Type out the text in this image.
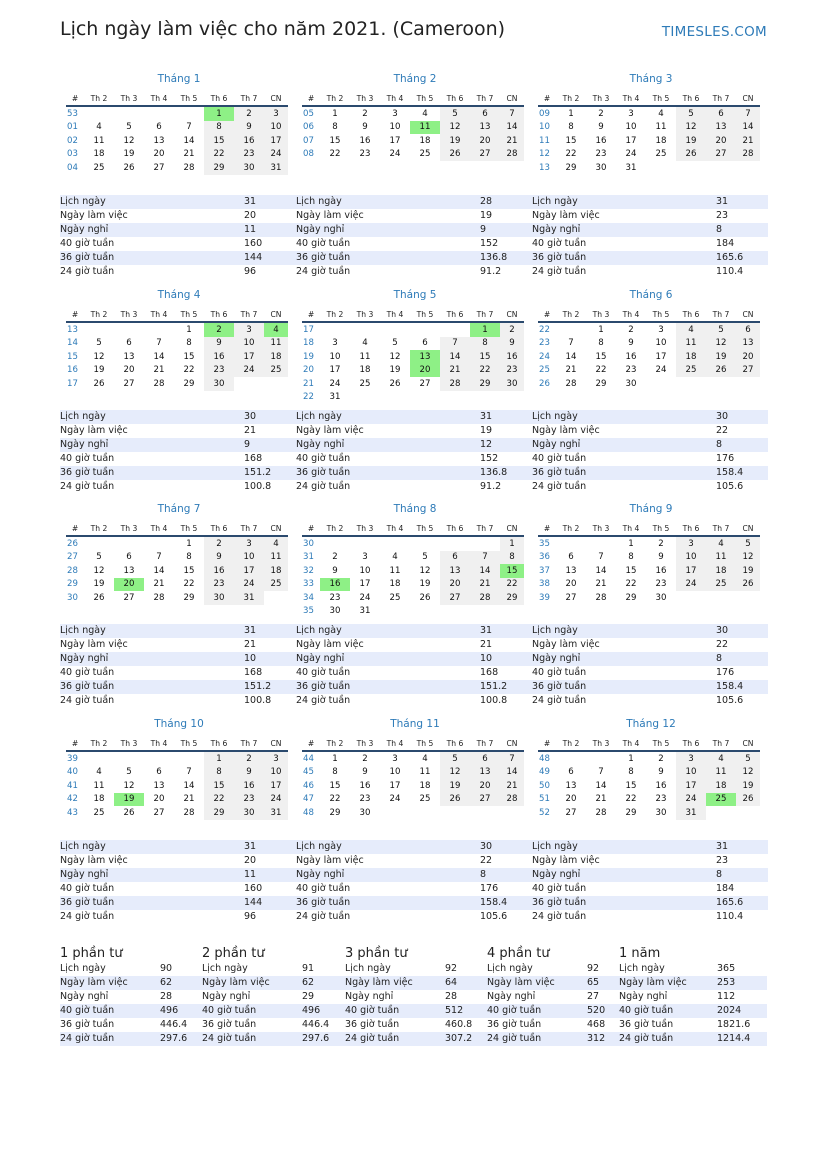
Lịch ngày làm việc cho năm 2021. (Cameroon)	TIMESLES.COM
Tháng 1
#	Th 2	Th 3	Th 4	Th 5	Th 6	Th 7	CN
53					1	2	3
01	4	5	6	7	8	9	10
02	11	12	13	14	15	16	17
03	18	19	20	21	22	23	24
04	25	26	27	28	29	30	31
Lịch ngày	31
Ngày làm việc	20
Ngày nghỉ	11
40 giờ tuần	160
36 giờ tuần	144
24 giờ tuần	96
Tháng 2
#	Th 2	Th 3	Th 4	Th 5	Th 6	Th 7	CN
05	1	2	3	4	5	6	7
06	8	9	10	11	12	13	14
07	15	16	17	18	19	20	21
08	22	23	24	25	26	27	28
Lịch ngày	28
Ngày làm việc	19
Ngày nghỉ	9
40 giờ tuần	152
36 giờ tuần	136.8
24 giờ tuần	91.2
Tháng 3
#	Th 2	Th 3	Th 4	Th 5	Th 6	Th 7	CN
09	1	2	3	4	5	6	7
10	8	9	10	11	12	13	14
11	15	16	17	18	19	20	21
12	22	23	24	25	26	27	28
13	29	30	31				
Lịch ngày	31
Ngày làm việc	23
Ngày nghỉ	8
40 giờ tuần	184
36 giờ tuần	165.6
24 giờ tuần	110.4
Tháng 4
#	Th 2	Th 3	Th 4	Th 5	Th 6	Th 7	CN
13				1	2	3	4
14	5	6	7	8	9	10	11
15	12	13	14	15	16	17	18
16	19	20	21	22	23	24	25
17	26	27	28	29	30		
Lịch ngày	30
Ngày làm việc	21
Ngày nghỉ	9
40 giờ tuần	168
36 giờ tuần	151.2
24 giờ tuần	100.8
Tháng 5
#	Th 2	Th 3	Th 4	Th 5	Th 6	Th 7	CN
17						1	2
18	3	4	5	6	7	8	9
19	10	11	12	13	14	15	16
20	17	18	19	20	21	22	23
21	24	25	26	27	28	29	30
22	31						
Lịch ngày	31
Ngày làm việc	19
Ngày nghỉ	12
40 giờ tuần	152
36 giờ tuần	136.8
24 giờ tuần	91.2
Tháng 6
#	Th 2	Th 3	Th 4	Th 5	Th 6	Th 7	CN
22		1	2	3	4	5	6
23	7	8	9	10	11	12	13
24	14	15	16	17	18	19	20
25	21	22	23	24	25	26	27
26	28	29	30				
Lịch ngày	30
Ngày làm việc	22
Ngày nghỉ	8
40 giờ tuần	176
36 giờ tuần	158.4
24 giờ tuần	105.6
Tháng 7
#	Th 2	Th 3	Th 4	Th 5	Th 6	Th 7	CN
26				1	2	3	4
27	5	6	7	8	9	10	11
28	12	13	14	15	16	17	18
29	19	20	21	22	23	24	25
30	26	27	28	29	30	31	
Lịch ngày	31
Ngày làm việc	21
Ngày nghỉ	10
40 giờ tuần	168
36 giờ tuần	151.2
24 giờ tuần	100.8
Tháng 8
#	Th 2	Th 3	Th 4	Th 5	Th 6	Th 7	CN
30							1
31	2	3	4	5	6	7	8
32	9	10	11	12	13	14	15
33	16	17	18	19	20	21	22
34	23	24	25	26	27	28	29
35	30	31					
Lịch ngày	31
Ngày làm việc	21
Ngày nghỉ	10
40 giờ tuần	168
36 giờ tuần	151.2
24 giờ tuần	100.8
Tháng 9
#	Th 2	Th 3	Th 4	Th 5	Th 6	Th 7	CN
35			1	2	3	4	5
36	6	7	8	9	10	11	12
37	13	14	15	16	17	18	19
38	20	21	22	23	24	25	26
39	27	28	29	30			
Lịch ngày	30
Ngày làm việc	22
Ngày nghỉ	8
40 giờ tuần	176
36 giờ tuần	158.4
24 giờ tuần	105.6
Tháng 10
#	Th 2	Th 3	Th 4	Th 5	Th 6	Th 7	CN
39					1	2	3
40	4	5	6	7	8	9	10
41	11	12	13	14	15	16	17
42	18	19	20	21	22	23	24
43	25	26	27	28	29	30	31
Lịch ngày	31
Ngày làm việc	20
Ngày nghỉ	11
40 giờ tuần	160
36 giờ tuần	144
24 giờ tuần	96
Tháng 11
#	Th 2	Th 3	Th 4	Th 5	Th 6	Th 7	CN
44	1	2	3	4	5	6	7
45	8	9	10	11	12	13	14
46	15	16	17	18	19	20	21
47	22	23	24	25	26	27	28
48	29	30					
Lịch ngày	30
Ngày làm việc	22
Ngày nghỉ	8
40 giờ tuần	176
36 giờ tuần	158.4
24 giờ tuần	105.6
Tháng 12
#	Th 2	Th 3	Th 4	Th 5	Th 6	Th 7	CN
48			1	2	3	4	5
49	6	7	8	9	10	11	12
50	13	14	15	16	17	18	19
51	20	21	22	23	24	25	26
52	27	28	29	30	31		
Lịch ngày	31
Ngày làm việc	23
Ngày nghỉ	8
40 giờ tuần	184
36 giờ tuần	165.6
24 giờ tuần	110.4
1 phần tư
Lịch ngày	90
Ngày làm việc	62
Ngày nghỉ	28
40 giờ tuần	496
36 giờ tuần	446.4
24 giờ tuần	297.6
2 phần tư
Lịch ngày	91
Ngày làm việc	62
Ngày nghỉ	29
40 giờ tuần	496
36 giờ tuần	446.4
24 giờ tuần	297.6
3 phần tư
Lịch ngày	92
Ngày làm việc	64
Ngày nghỉ	28
40 giờ tuần	512
36 giờ tuần	460.8
24 giờ tuần	307.2
4 phần tư
Lịch ngày	92
Ngày làm việc	65
Ngày nghỉ	27
40 giờ tuần	520
36 giờ tuần	468
24 giờ tuần	312
1 năm
Lịch ngày	365
Ngày làm việc	253
Ngày nghỉ	112
40 giờ tuần	2024
36 giờ tuần	1821.6
24 giờ tuần	1214.4
